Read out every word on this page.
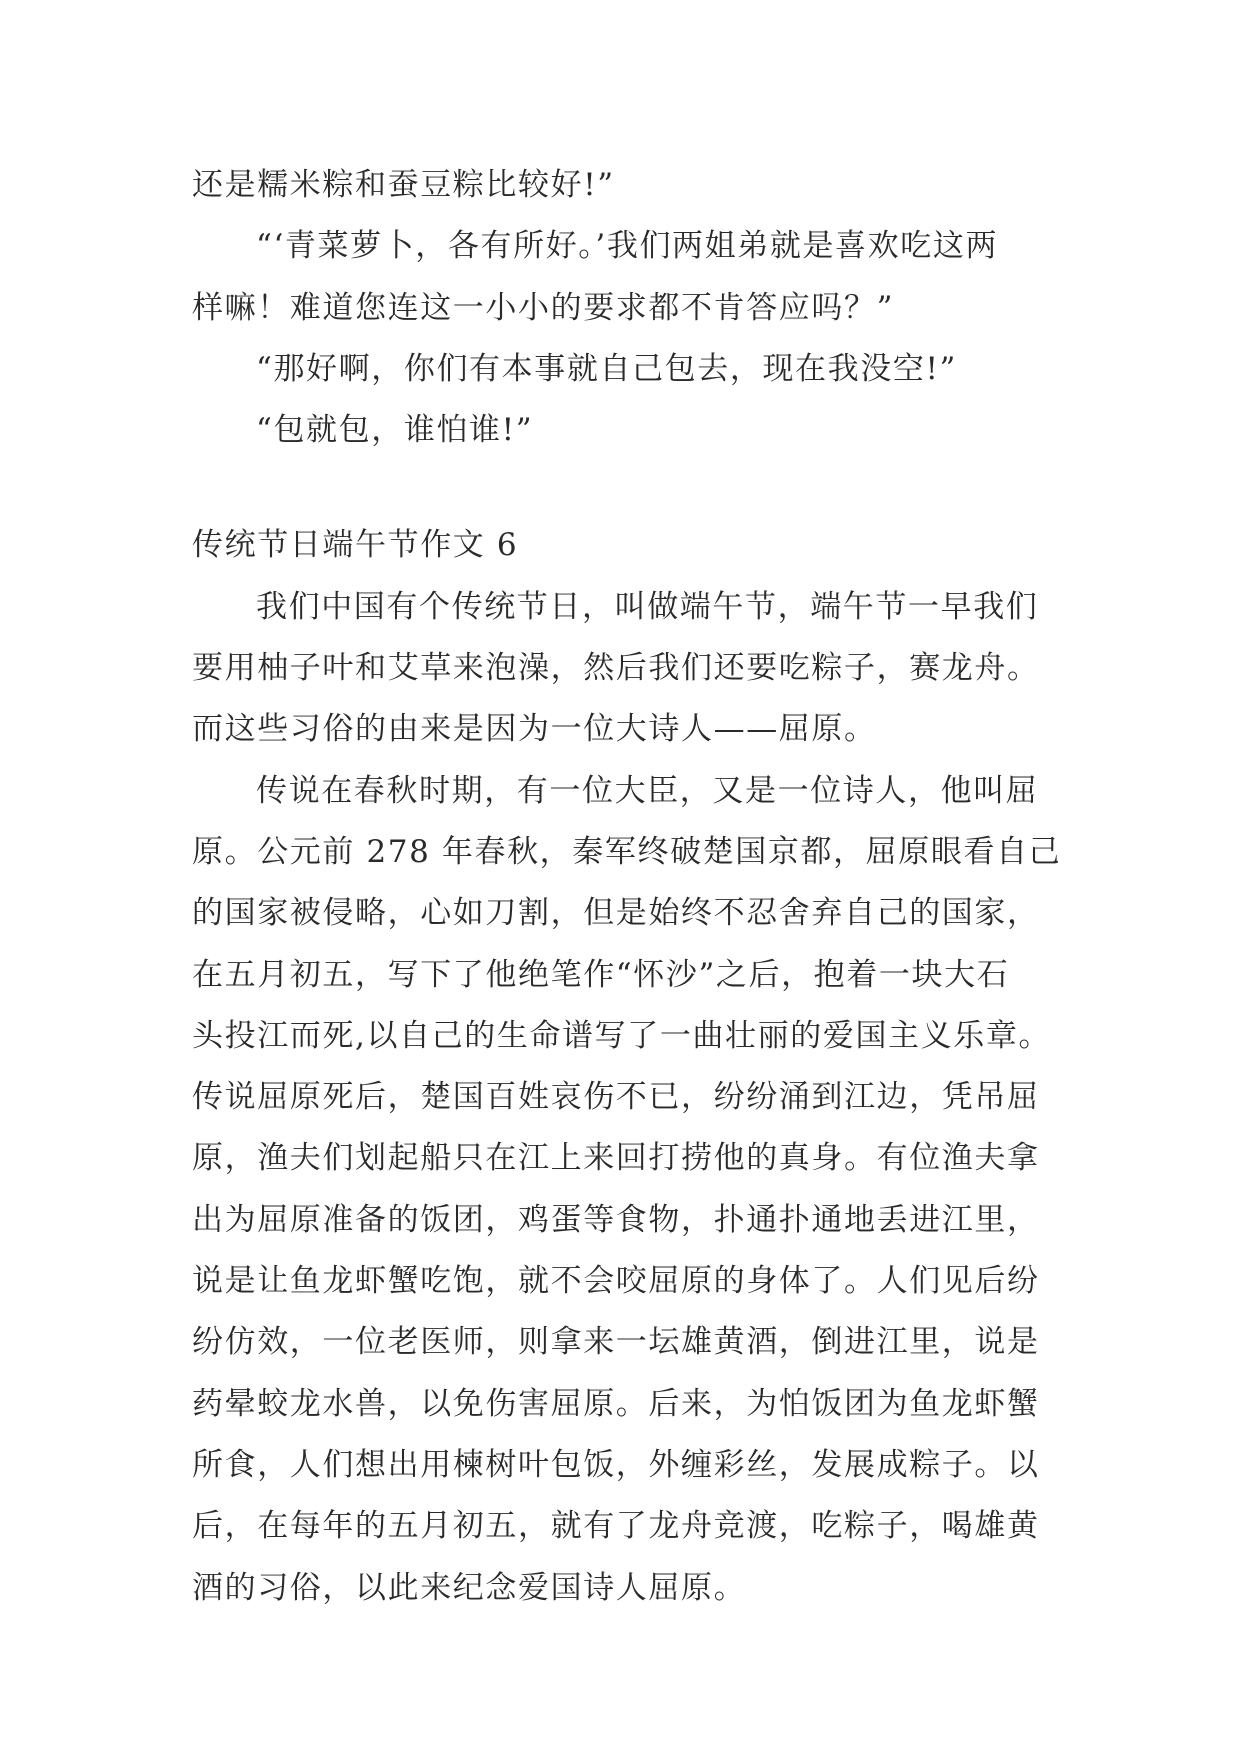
还是糯米粽和蚕豆粽比较好!”
“‘青菜萝卜，各有所好。’我们两姐弟就是喜欢吃这两
样嘛！难道您连这一小小的要求都不肯答应吗？”
“那好啊，你们有本事就自己包去，现在我没空!”
“包就包，谁怕谁!”
传统节日端午节作文 6
我们中国有个传统节日，叫做端午节，端午节一早我们
要用柚子叶和艾草来泡澡，然后我们还要吃粽子，赛龙舟。
而这些习俗的由来是因为一位大诗人——屈原。
传说在春秋时期，有一位大臣，又是一位诗人，他叫屈
原。公元前 278 年春秋，秦军终破楚国京都，屈原眼看自己
的国家被侵略，心如刀割，但是始终不忍舍弃自己的国家，
在五月初五，写下了他绝笔作“怀沙”之后，抱着一块大石
头投江而死,以自己的生命谱写了一曲壮丽的爱国主义乐章。
传说屈原死后，楚国百姓哀伤不已，纷纷涌到江边，凭吊屈
原，渔夫们划起船只在江上来回打捞他的真身。有位渔夫拿
出为屈原准备的饭团，鸡蛋等食物，扑通扑通地丢进江里，
说是让鱼龙虾蟹吃饱，就不会咬屈原的身体了。人们见后纷
纷仿效，一位老医师，则拿来一坛雄黄酒，倒进江里，说是
药晕蛟龙水兽，以免伤害屈原。后来，为怕饭团为鱼龙虾蟹
所食，人们想出用楝树叶包饭，外缠彩丝，发展成粽子。以
后，在每年的五月初五，就有了龙舟竞渡，吃粽子，喝雄黄
酒的习俗，以此来纪念爱国诗人屈原。
